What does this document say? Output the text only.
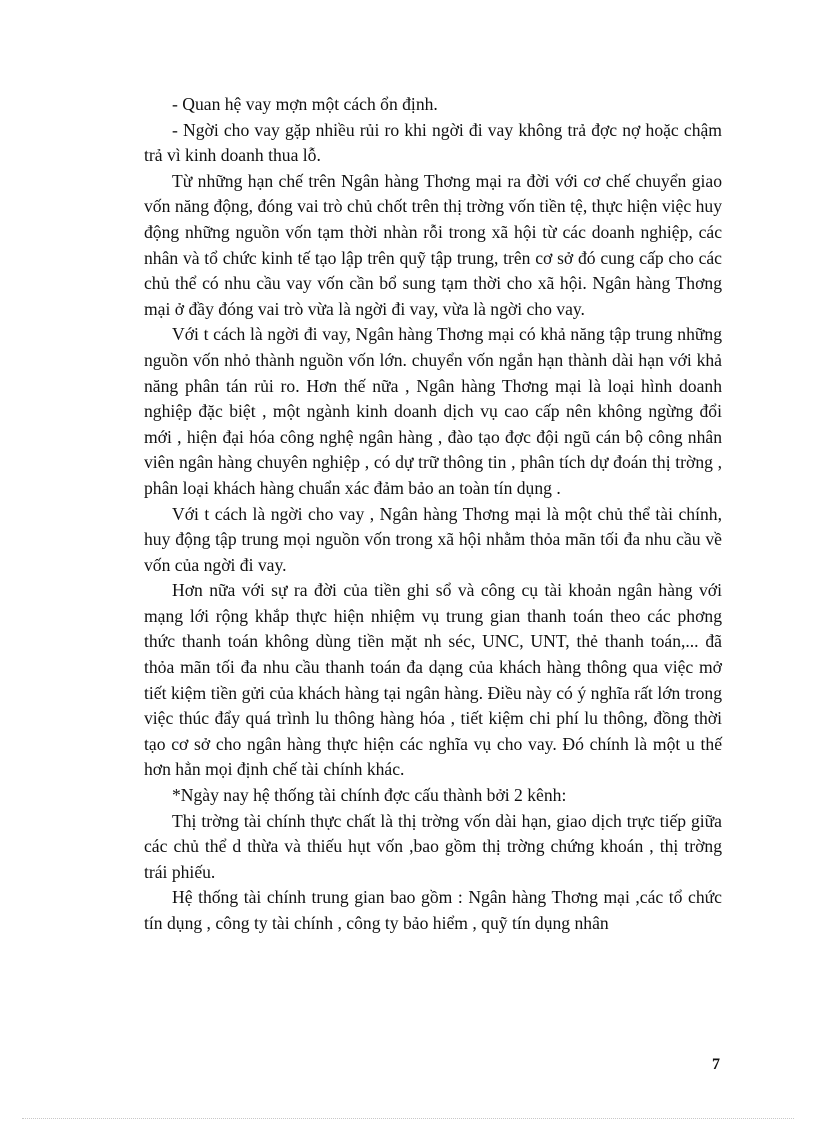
- Quan hệ vay mợn một cách ổn định.

- Ngời cho vay gặp nhiều rủi ro khi ngời đi vay không trả đợc nợ hoặc chậm trả vì kinh doanh thua lỗ.

Từ những hạn chế trên Ngân hàng Thơng mại ra đời với cơ chế chuyển giao vốn năng động, đóng vai trò chủ chốt trên thị trờng vốn tiền tệ, thực hiện việc huy động những nguồn vốn tạm thời nhàn rỗi trong xã hội từ các doanh nghiệp, các nhân và tổ chức kinh tế tạo lập trên quỹ tập trung, trên cơ sở đó cung cấp cho các chủ thể có nhu cầu vay vốn cần bổ sung tạm thời cho xã hội. Ngân hàng Thơng mại ở đầy đóng vai trò vừa là ngời đi vay, vừa là ngời cho vay.

Với t cách là ngời đi vay, Ngân hàng Thơng mại có khả năng tập trung những nguồn vốn nhỏ thành nguồn vốn lớn. chuyển vốn ngắn hạn thành dài hạn với khả năng phân tán rủi ro. Hơn thế nữa , Ngân hàng Thơng mại là loại hình doanh nghiệp đặc biệt , một ngành kinh doanh dịch vụ cao cấp nên không ngừng đổi mới , hiện đại hóa công nghệ ngân hàng , đào tạo đợc đội ngũ cán bộ công nhân viên ngân hàng chuyên nghiệp , có dự trữ thông tin , phân tích dự đoán thị trờng , phân loại khách hàng chuẩn xác đảm bảo an toàn tín dụng .

Với t cách là ngời cho vay , Ngân hàng Thơng mại là một chủ thể tài chính, huy động tập trung mọi nguồn vốn trong xã hội nhằm thỏa mãn tối đa nhu cầu về vốn của ngời đi vay.

Hơn nữa với sự ra đời của tiền ghi sổ và công cụ tài khoản ngân hàng với mạng lới rộng khắp thực hiện nhiệm vụ trung gian thanh toán theo các phơng thức thanh toán không dùng tiền mặt nh séc, UNC, UNT, thẻ thanh toán,... đã thỏa mãn tối đa nhu cầu thanh toán đa dạng của khách hàng thông qua việc mở tiết kiệm tiền gửi của khách hàng tại ngân hàng. Điều này có ý nghĩa rất lớn trong việc thúc đẩy quá trình lu thông hàng hóa , tiết kiệm chi phí lu thông, đồng thời tạo cơ sở cho ngân hàng thực hiện các nghĩa vụ cho vay. Đó chính là một u thế hơn hẳn mọi định chế tài chính khác.

*Ngày nay hệ thống tài chính đợc cấu thành bởi 2 kênh:

Thị trờng tài chính thực chất là thị trờng vốn dài hạn, giao dịch trực tiếp giữa các chủ thể d thừa và thiếu hụt vốn ,bao gồm thị trờng chứng khoán , thị trờng trái phiếu.

Hệ thống tài chính trung gian bao gồm : Ngân hàng Thơng mại ,các tổ chức tín dụng , công ty tài chính , công ty bảo hiểm , quỹ tín dụng nhân

7
